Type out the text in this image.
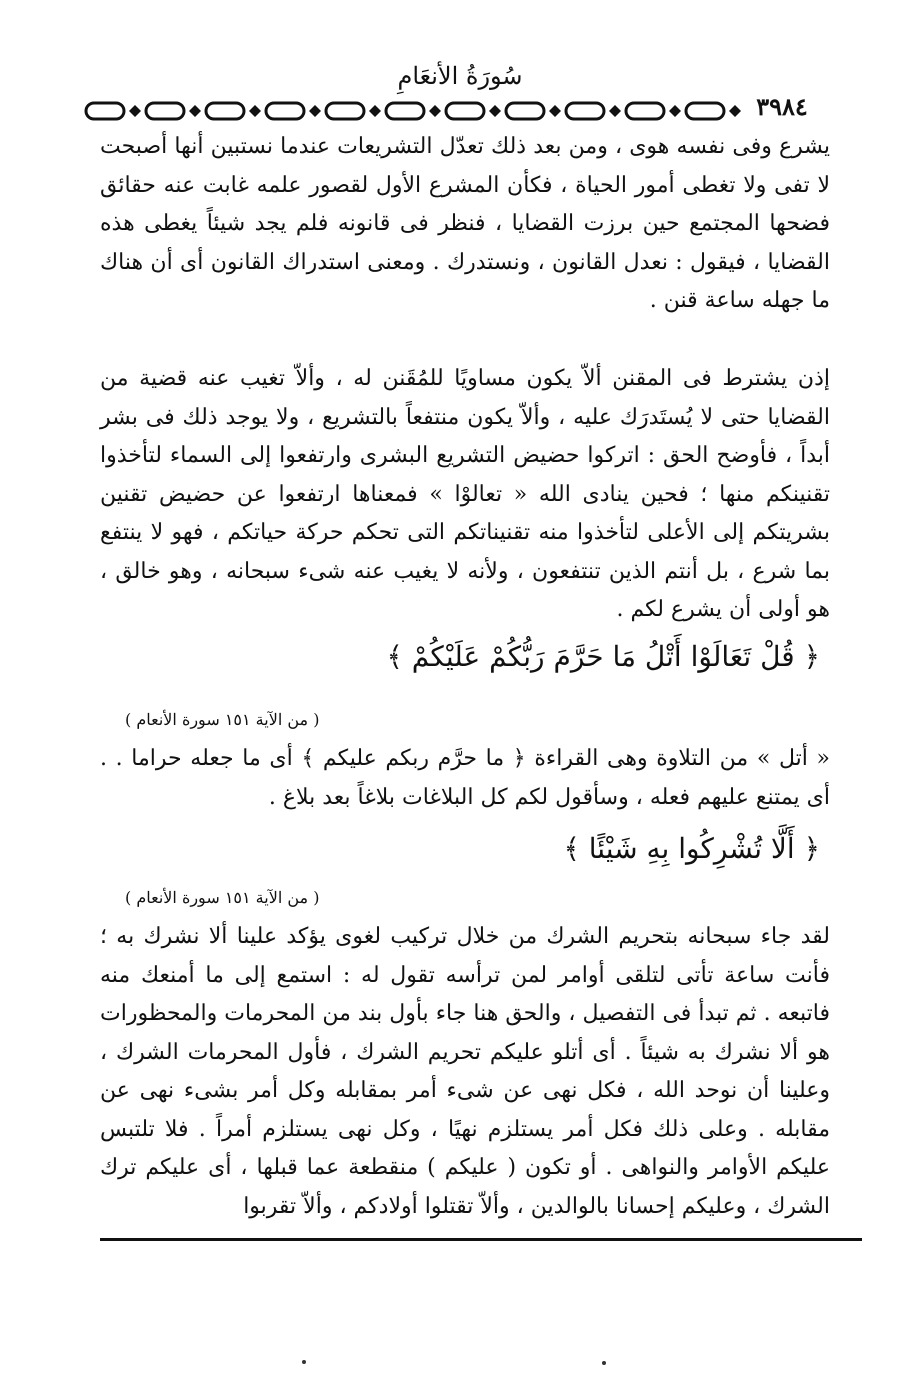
سُورَةُ الأنعَامِ
٣٩٨٤

يشرع وفى نفسه هوى ، ومن بعد ذلك تعدّل التشريعات عندما نستبين أنها أصبحت لا تفى ولا تغطى أمور الحياة ، فكأن المشرع الأول لقصور علمه غابت عنه حقائق فضحها المجتمع حين برزت القضايا ، فنظر فى قانونه فلم يجد شيئاً يغطى هذه القضايا ، فيقول : نعدل القانون ، ونستدرك . ومعنى استدراك القانون أى أن هناك ما جهله ساعة قنن .

إذن يشترط فى المقنن ألاّ يكون مساويًا للمُقَنن له ، وألاّ تغيب عنه قضية من القضايا حتى لا يُستَدرَك عليه ، وألاّ يكون منتفعاً بالتشريع ، ولا يوجد ذلك فى بشر أبداً ، فأوضح الحق : اتركوا حضيض التشريع البشرى وارتفعوا إلى السماء لتأخذوا تقنينكم منها ؛ فحين ينادى الله « تعالوْا » فمعناها ارتفعوا عن حضيض تقنين بشريتكم إلى الأعلى لتأخذوا منه تقنيناتكم التى تحكم حركة حياتكم ، فهو لا ينتفع بما شرع ، بل أنتم الذين تنتفعون ، ولأنه لا يغيب عنه شىء سبحانه ، وهو خالق ، هو أولى أن يشرع لكم .

﴿ قُلْ تَعَالَوْا أَتْلُ مَا حَرَّمَ رَبُّكُمْ عَلَيْكُمْ ﴾

( من الآية ١٥١ سورة الأنعام )

« أتل » من التلاوة وهى القراءة ﴿ ما حرَّم ربكم عليكم ﴾ أى ما جعله حراما . . أى يمتنع عليهم فعله ، وسأقول لكم كل البلاغات بلاغاً بعد بلاغ .

﴿ أَلَّا تُشْرِكُوا بِهِ شَيْئًا ﴾

( من الآية ١٥١ سورة الأنعام )

لقد جاء سبحانه بتحريم الشرك من خلال تركيب لغوى يؤكد علينا ألا نشرك به ؛ فأنت ساعة تأتى لتلقى أوامر لمن ترأسه تقول له : استمع إلى ما أمنعك منه فاتبعه . ثم تبدأ فى التفصيل ، والحق هنا جاء بأول بند من المحرمات والمحظورات هو ألا نشرك به شيئاً . أى أتلو عليكم تحريم الشرك ، فأول المحرمات الشرك ، وعلينا أن نوحد الله ، فكل نهى عن شىء أمر بمقابله وكل أمر بشىء نهى عن مقابله . وعلى ذلك فكل أمر يستلزم نهيًا ، وكل نهى يستلزم أمراً . فلا تلتبس عليكم الأوامر والنواهى . أو تكون ( عليكم ) منقطعة عما قبلها ، أى عليكم ترك الشرك ، وعليكم إحسانا بالوالدين ، وألاّ تقتلوا أولادكم ، وألاّ تقربوا
